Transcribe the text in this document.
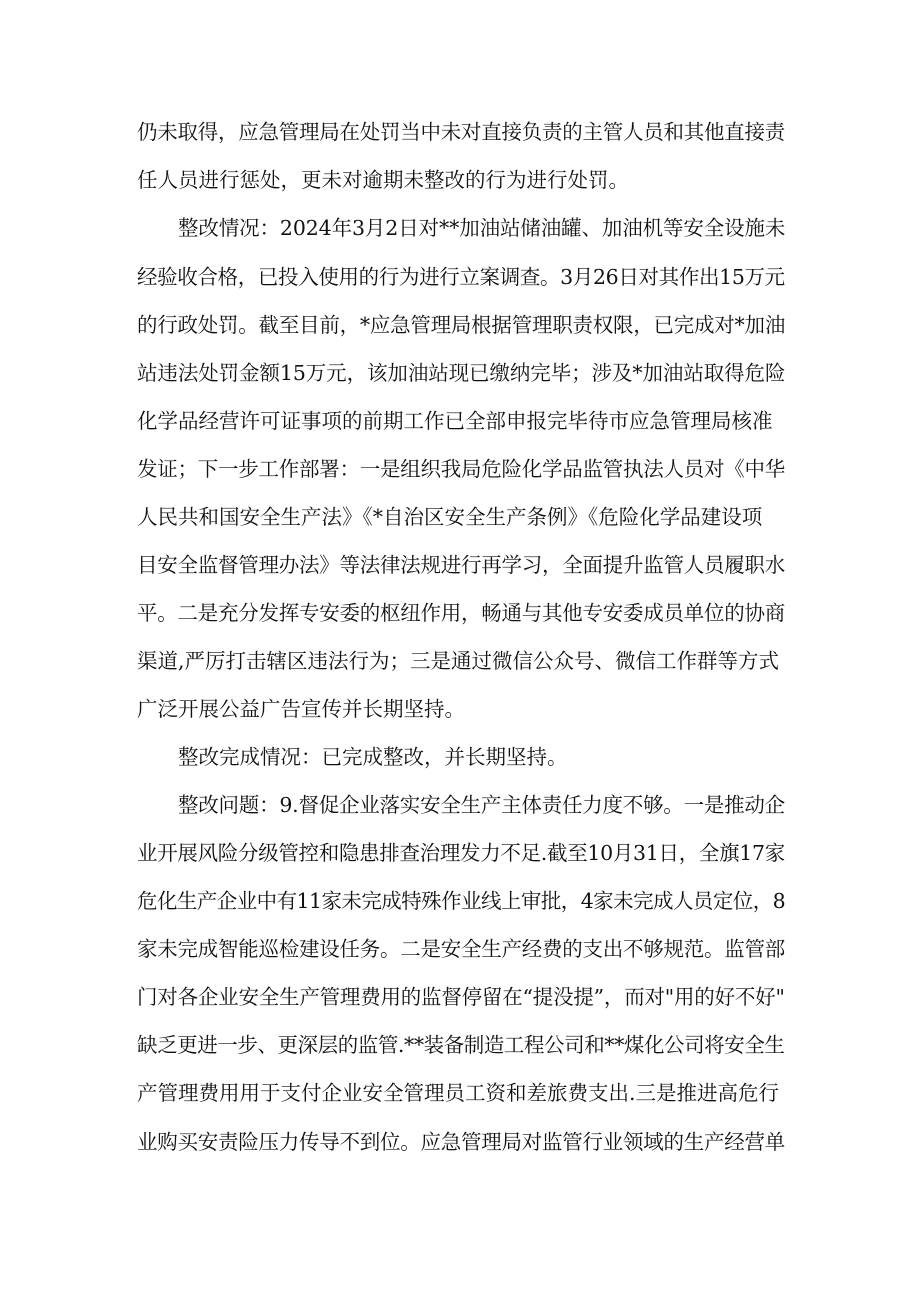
仍未取得，应急管理局在处罚当中未对直接负责的主管人员和其他直接责
任人员进行惩处，更未对逾期未整改的行为进行处罚。
整改情况：2024年3月2日对**加油站储油罐、加油机等安全设施未
经验收合格，已投入使用的行为进行立案调查。3月26日对其作出15万元
的行政处罚。截至目前，*应急管理局根据管理职责权限，已完成对*加油
站违法处罚金额15万元，该加油站现已缴纳完毕；涉及*加油站取得危险
化学品经营许可证事项的前期工作已全部申报完毕待市应急管理局核准
发证；下一步工作部署：一是组织我局危险化学品监管执法人员对《中华
人民共和国安全生产法》《*自治区安全生产条例》《危险化学品建设项
目安全监督管理办法》等法律法规进行再学习，全面提升监管人员履职水
平。二是充分发挥专安委的枢纽作用，畅通与其他专安委成员单位的协商
渠道,严厉打击辖区违法行为；三是通过微信公众号、微信工作群等方式
广泛开展公益广告宣传并长期坚持。
整改完成情况：已完成整改，并长期坚持。
整改问题：9.督促企业落实安全生产主体责任力度不够。一是推动企
业开展风险分级管控和隐患排查治理发力不足.截至10月31日，全旗17家
危化生产企业中有11家未完成特殊作业线上审批，4家未完成人员定位，8
家未完成智能巡检建设任务。二是安全生产经费的支出不够规范。监管部
门对各企业安全生产管理费用的监督停留在“提没提”，而对"用的好不好"
缺乏更进一步、更深层的监管.**装备制造工程公司和**煤化公司将安全生
产管理费用用于支付企业安全管理员工资和差旅费支出.三是推进高危行
业购买安责险压力传导不到位。应急管理局对监管行业领域的生产经营单
